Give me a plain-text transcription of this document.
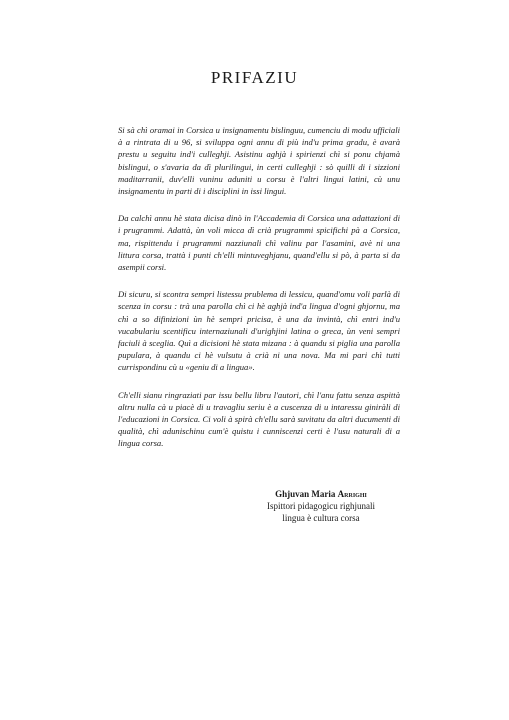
PRIFAZIU

Si sà chì oramai in Corsica u insignamentu bislinguu, cumenciu di modu ufficiali à a rintrata di u 96, si sviluppa ogni annu di più ind'u prima gradu, è avarà prestu u seguitu ind'i culleghji. Asistinu aghjà i spirienzi chì si ponu chjamà bislingui, o s'avaria da dì plurilingui, in certi culleghji : sò quilli di i sizzioni maditarranii, duv'elli vuninu aduniti u corsu è l'altri lingui latini, cù unu insignamentu in parti di i disciplini in issi lingui.

Da calchì annu hè stata dicisa dinò in l'Accademia di Corsica una adattazioni di i prugrammi. Adattà, ùn voli micca dì crià prugrammi spicifichi pà a Corsica, ma, rispittendu i prugrammi nazziunali chì valinu par l'asamini, avè ni una littura corsa, trattà i punti ch'elli mintuveghjanu, quand'ellu si pò, à parta si da asempii corsi.

Di sicuru, si scontra sempri listessu prublema di lessicu, quand'omu voli parlà di scenza in corsu : trà una parolla chì ci hè aghjà ind'a lingua d'ogni ghjornu, ma chì a so difinizioni ùn hè sempri pricisa, è una da invintà, chì entri ind'u vucabulariu scentificu internaziunali d'urighjini latina o greca, ùn veni sempri faciuli à sceglia. Quì a dicisioni hè stata mizana : à quandu si piglia una parolla pupulara, à quandu ci hè vulsutu à crià ni una nova. Ma mi pari chì tutti currispondinu cù u «geniu di a lingua».

Ch'elli sianu ringraziati par issu bellu libru l'autori, chì l'anu fattu senza aspittà altru nulla cà u piacè di u travagliu seriu è a cuscenza di u intaressu giniràli di l'educazioni in Corsica. Ci voli à spirà ch'ellu sarà suvitatu da altri ducumenti di qualità, chì adunischinu cum'è quistu i cunniscenzi certi è l'usu naturali di a lingua corsa.

Ghjuvan Maria Arrighi
Ispittori pidagogicu righjunali
lingua è cultura corsa
